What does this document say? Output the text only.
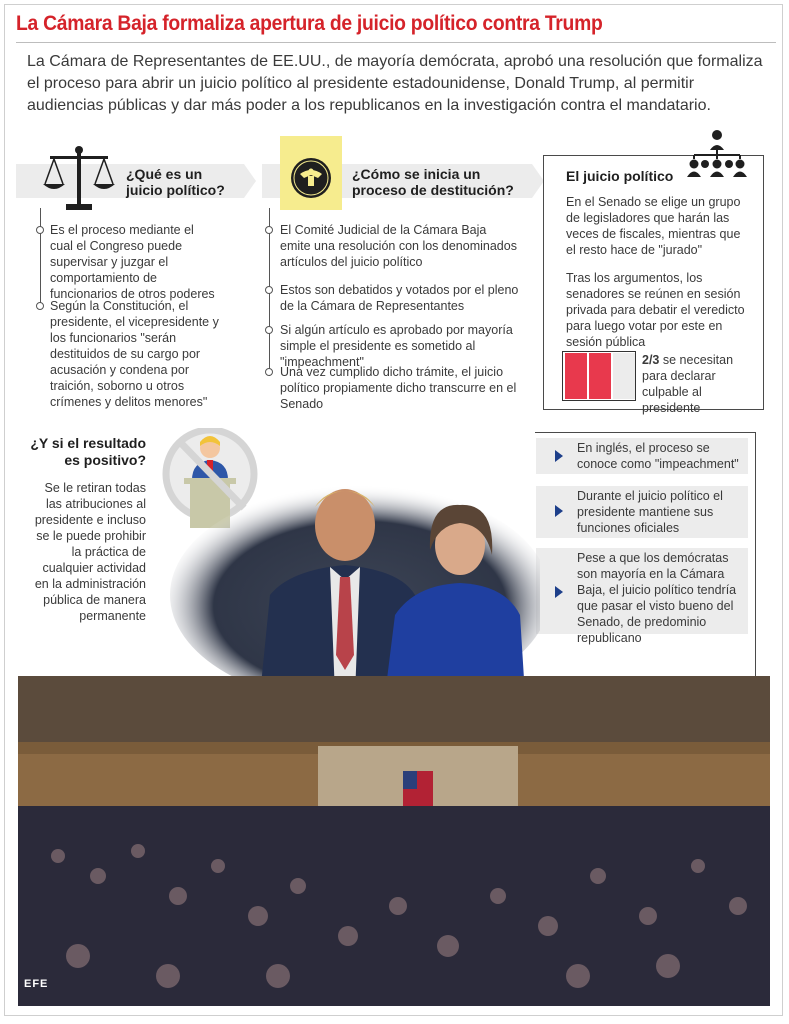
La Cámara Baja formaliza apertura de juicio político contra Trump
La Cámara de Representantes de EE.UU., de mayoría demócrata, aprobó una resolución que formaliza el proceso para abrir un juicio político al presidente estadounidense, Donald Trump, al permitir audiencias públicas y dar más poder a los republicanos en la investigación contra el mandatario.
¿Qué es un
juicio político?
Es el proceso mediante el cual el Congreso puede supervisar y juzgar el comportamiento de funcionarios de otros poderes
Según la Constitución, el presidente, el vicepresidente y los funcionarios "serán destituidos de su cargo por acusación y condena por traición, soborno u otros crímenes y delitos menores"
¿Cómo se inicia un
proceso de destitución?
El Comité Judicial de la Cámara Baja emite una resolución con los denominados artículos del juicio político
Estos son debatidos y votados por el pleno de la Cámara de Representantes
Si algún artículo es aprobado por mayoría simple el presidente es sometido al "impeachment"
Una vez cumplido dicho trámite, el juicio político propiamente dicho transcurre en el Senado
El juicio político
En el Senado se elige un grupo de legisladores que harán las veces de fiscales, mientras que el resto hace de "jurado"
Tras los argumentos, los senadores se reúnen en sesión privada para debatir el veredicto para luego votar por este en sesión pública
2/3 se necesitan para declarar culpable al presidente
¿Y si el resultado
es positivo?
Se le retiran todas las atribuciones al presidente e incluso se le puede prohibir la práctica de cualquier actividad en la administración pública de manera permanente
En inglés, el proceso se conoce como "impeachment"
Durante el juicio político el presidente mantiene sus funciones oficiales
Pese a que los demócratas son mayoría en la Cámara Baja, el juicio político tendría que pasar el visto bueno del Senado, de predominio republicano
EFE
